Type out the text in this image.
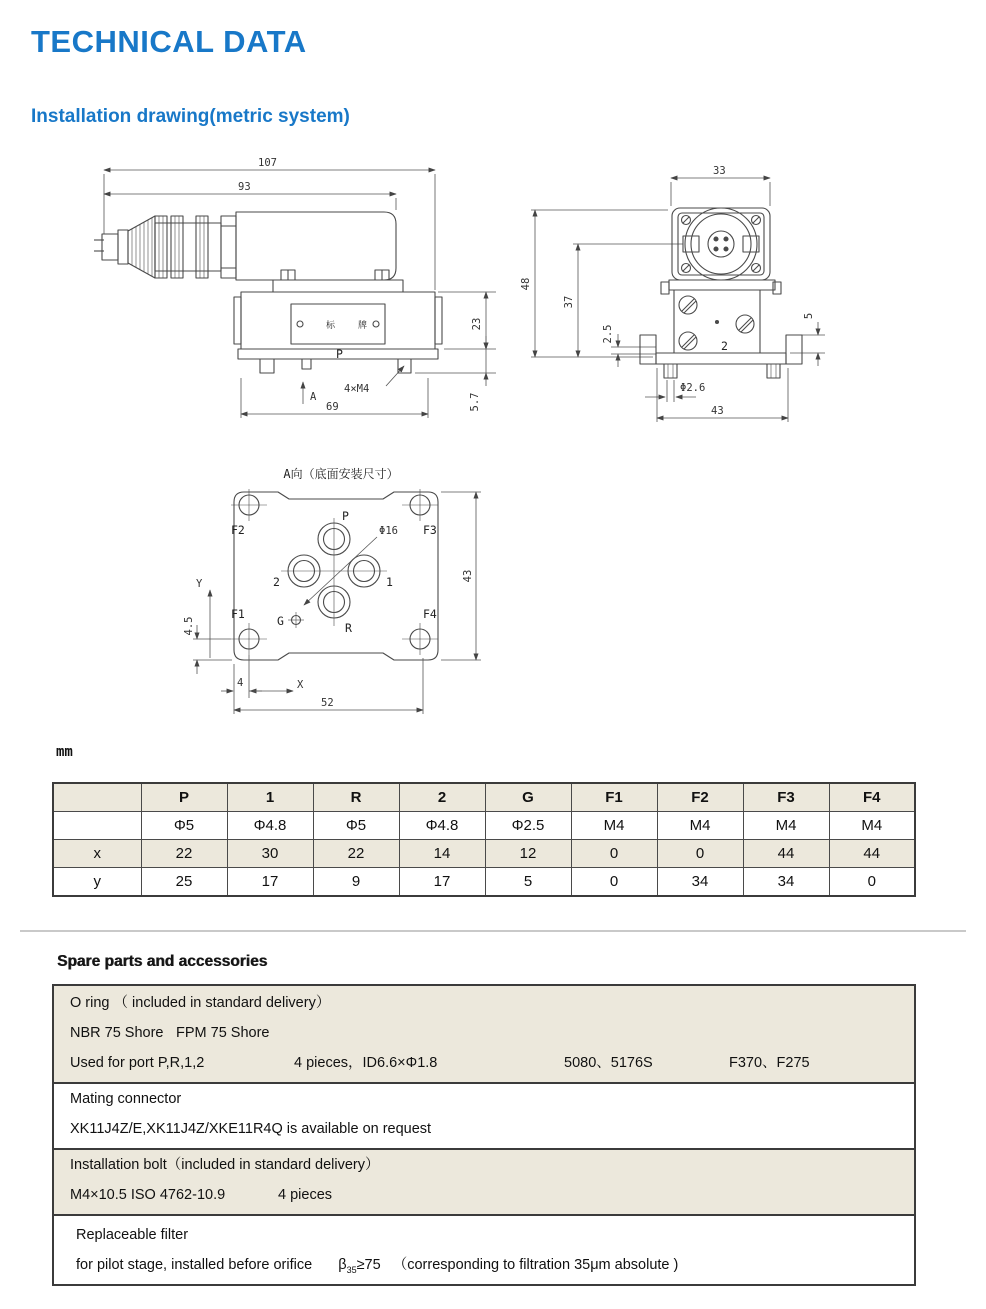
TECHNICAL DATA
Installation drawing(metric system)
107
93
23
5.7
69
A
4×M4
标	牌
P
33
48
37
2.5
5
Φ2.6
43
2
A向（底面安装尺寸）
F2	F3
F1	F4
P
2	1
R
G
Φ16
Y
4.5
4	X
52
43
mm
	P	1	R	2	G	F1	F2	F3	F4
	Φ5	Φ4.8	Φ5	Φ4.8	Φ2.5	M4	M4	M4	M4
x	22	30	22	14	12	0	0	44	44
y	25	17	9	17	5	0	34	34	0
Spare parts and accessories
O ring （ included in standard delivery）
NBR 75 Shore FPM 75 Shore
Used for port P,R,1,2	4 pieces，ID6.6×Φ1.8	5080、5176S	F370、F275
Mating connector
XK11J4Z/E,XK11J4Z/XKE11R4Q is available on request
Installation bolt（included in standard delivery）
M4×10.5 ISO 4762-10.9	4 pieces
Replaceable filter
for pilot stage, installed before orifice $\beta_{35}\ge 75$ （corresponding to filtration 35μm absolute )
